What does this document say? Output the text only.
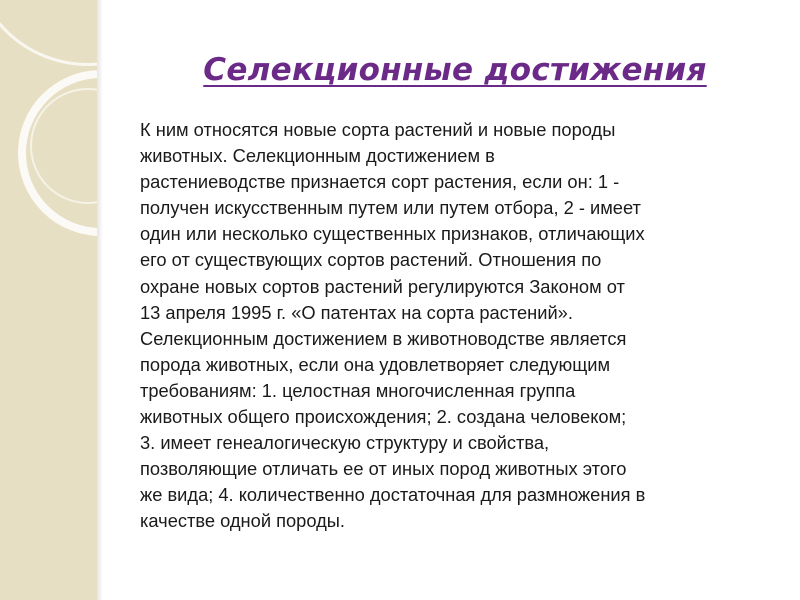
Селекционные достижения

К ним относятся новые сорта растений и новые породы

животных. Селекционным достижением в

растениеводстве признается сорт растения, если он: 1 -

получен искусственным путем или путем отбора, 2 - имеет

один или несколько существенных признаков, отличающих

его от существующих сортов растений. Отношения по

охране новых сортов растений регулируются Законом от

13 апреля 1995 г. «О патентах на сорта растений».

Селекционным достижением в животноводстве является

порода животных, если она удовлетворяет следующим

требованиям: 1. целостная многочисленная группа

животных общего происхождения; 2. создана человеком;

3. имеет генеалогическую структуру и свойства,

позволяющие отличать ее от иных пород животных этого

же вида; 4. количественно достаточная для размножения в

качестве одной породы.
